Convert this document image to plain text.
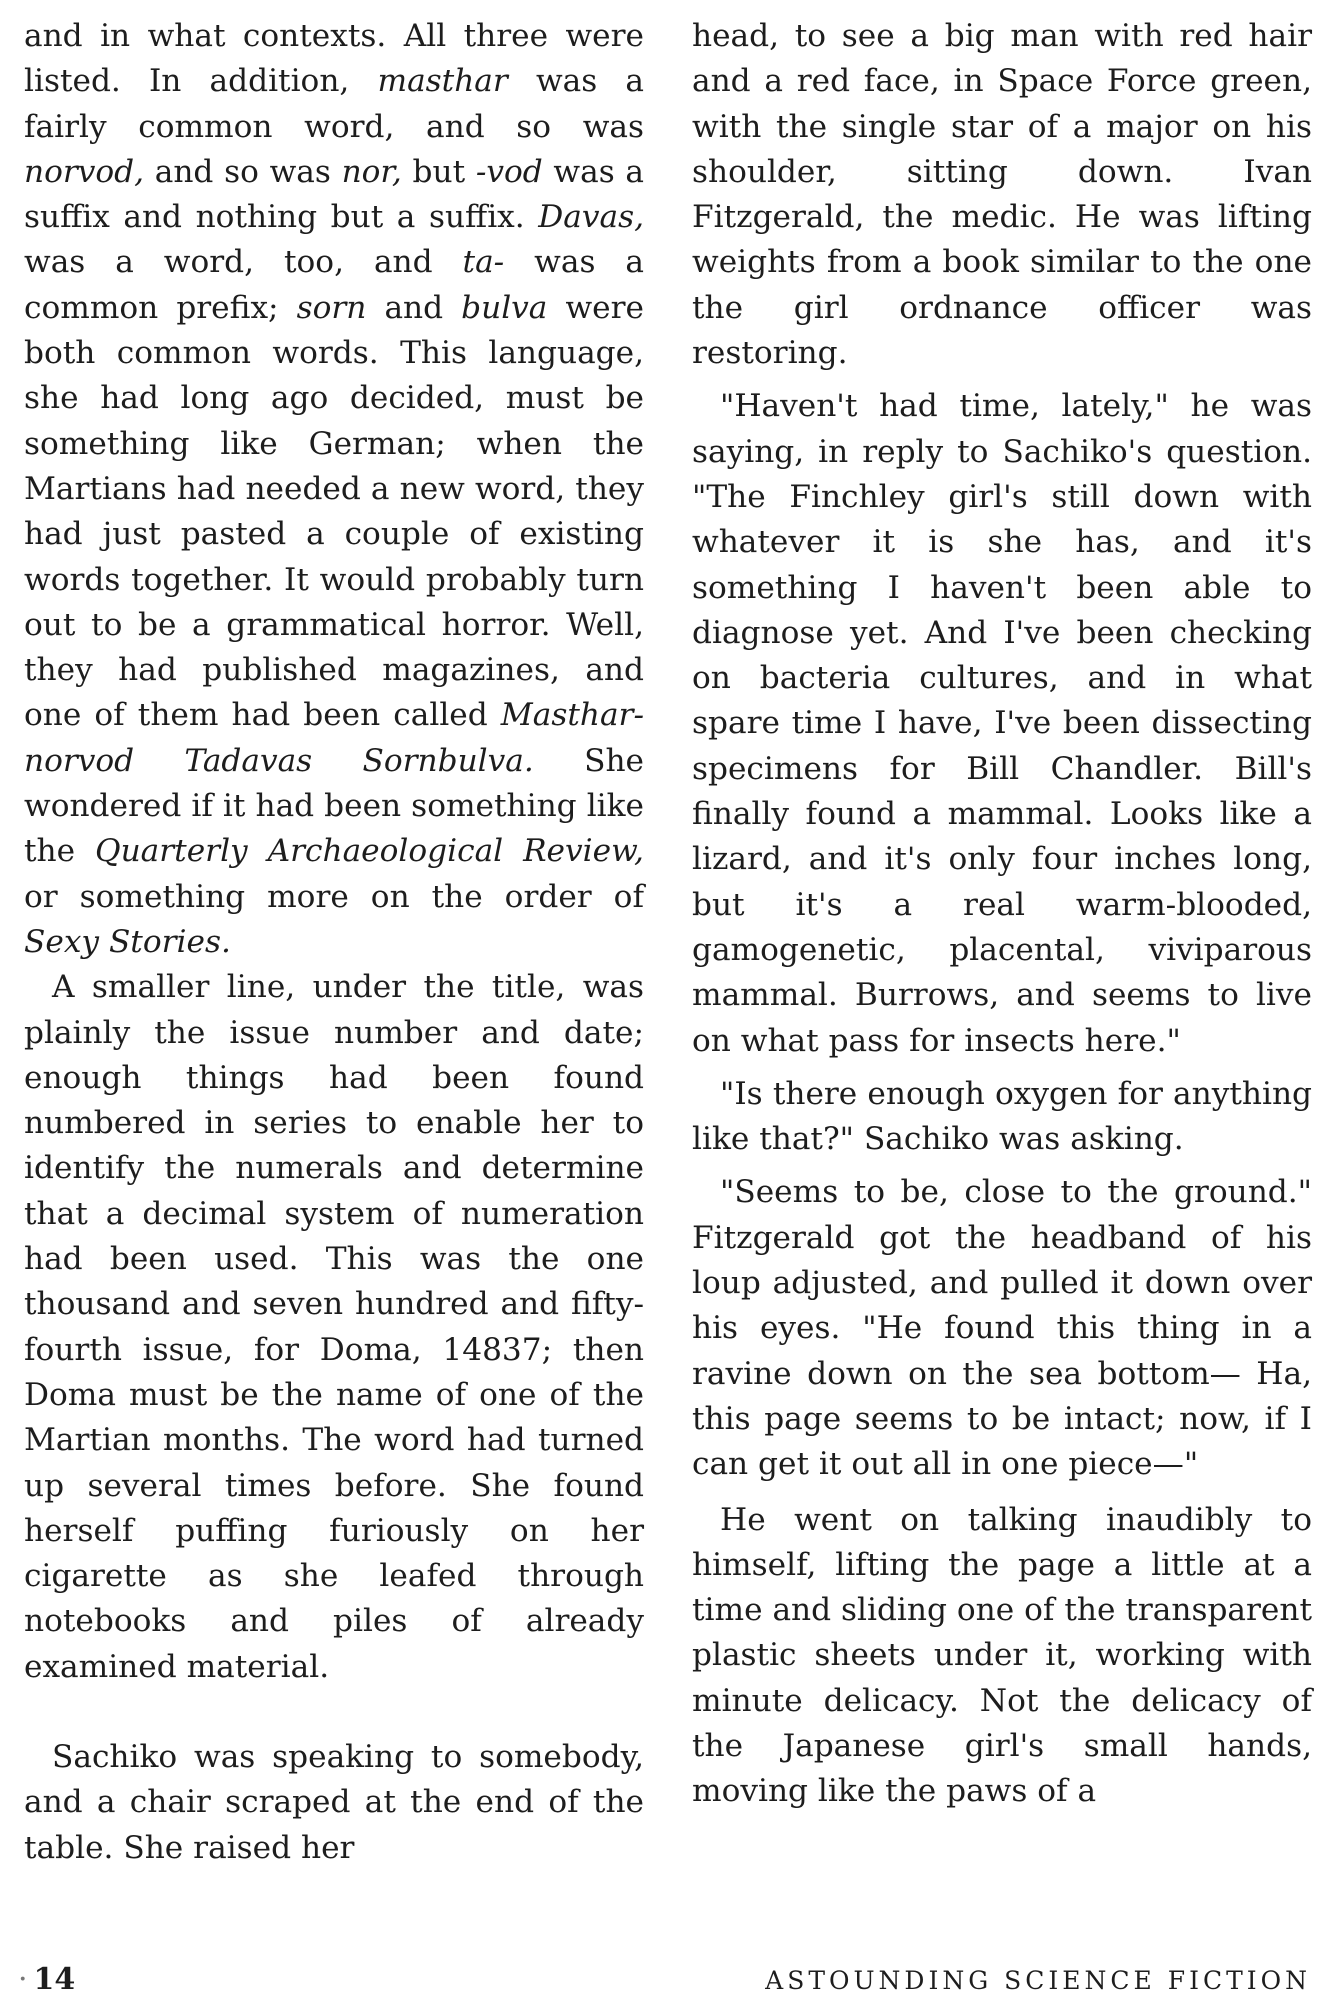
and in what contexts. All three were listed. In addition, masthar was a fairly common word, and so was norvod, and so was nor, but -vod was a suffix and nothing but a suffix. Davas, was a word, too, and ta- was a common prefix; sorn and bulva were both common words. This language, she had long ago decided, must be something like German; when the Martians had needed a new word, they had just pasted a couple of existing words together. It would probably turn out to be a grammatical horror. Well, they had published magazines, and one of them had been called Mastharnorvod Tadavas Sornbulva. She wondered if it had been something like the Quarterly Archaeological Review, or something more on the order of Sexy Stories.

A smaller line, under the title, was plainly the issue number and date; enough things had been found numbered in series to enable her to identify the numerals and determine that a decimal system of numeration had been used. This was the one thousand and seven hundred and fifty-fourth issue, for Doma, 14837; then Doma must be the name of one of the Martian months. The word had turned up several times before. She found herself puffing furiously on her cigarette as she leafed through notebooks and piles of already examined material.

Sachiko was speaking to somebody, and a chair scraped at the end of the table. She raised her

head, to see a big man with red hair and a red face, in Space Force green, with the single star of a major on his shoulder, sitting down. Ivan Fitzgerald, the medic. He was lifting weights from a book similar to the one the girl ordnance officer was restoring.

"Haven't had time, lately," he was saying, in reply to Sachiko's question. "The Finchley girl's still down with whatever it is she has, and it's something I haven't been able to diagnose yet. And I've been checking on bacteria cultures, and in what spare time I have, I've been dissecting specimens for Bill Chandler. Bill's finally found a mammal. Looks like a lizard, and it's only four inches long, but it's a real warm-blooded, gamogenetic, placental, viviparous mammal. Burrows, and seems to live on what pass for insects here."

"Is there enough oxygen for anything like that?" Sachiko was asking.

"Seems to be, close to the ground." Fitzgerald got the headband of his loup adjusted, and pulled it down over his eyes. "He found this thing in a ravine down on the sea bottom— Ha, this page seems to be intact; now, if I can get it out all in one piece—"

He went on talking inaudibly to himself, lifting the page a little at a time and sliding one of the transparent plastic sheets under it, working with minute delicacy. Not the delicacy of the Japanese girl's small hands, moving like the paws of a

· 14	ASTOUNDING SCIENCE FICTION
